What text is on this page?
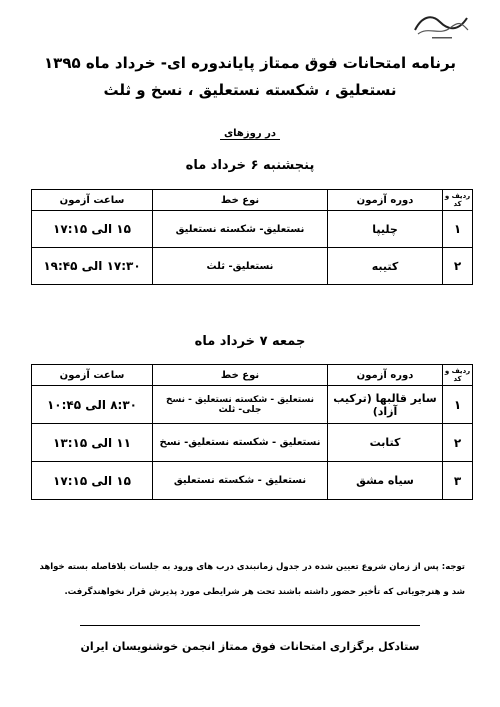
برنامه امتحانات فوق ممتاز پایاندوره ای- خرداد ماه ۱۳۹۵
نستعلیق ، شکسته نستعلیق ، نسخ و ثلث
در روزهای
پنجشنبه ۶ خرداد ماه
ردیف و کد	دوره آزمون	نوع خط	ساعت آزمون
۱	چلیپا	نستعلیق- شکسته نستعلیق	۱۵ الی ۱۷:۱۵
۲	کتیبه	نستعلیق- ثلث	۱۷:۳۰ الی ۱۹:۴۵
جمعه ۷ خرداد ماه
ردیف و کد	دوره آزمون	نوع خط	ساعت آزمون
۱	سایر قالبها (ترکیب آزاد)	نستعلیق - شکسته نستعلیق - نسخ جلی- ثلث	۸:۳۰ الی ۱۰:۴۵
۲	کتابت	نستعلیق - شکسته نستعلیق- نسخ	۱۱ الی ۱۳:۱۵
۳	سیاه مشق	نستعلیق - شکسته نستعلیق	۱۵ الی ۱۷:۱۵
توجه: پس از زمان شروع تعیین شده در جدول زمانبندی درب های ورود به جلسات بلافاصله بسته خواهد
شد و هنرجویانی که تأخیر حضور داشته باشند تحت هر شرایطی مورد پذیرش قرار نخواهندگرفت.
ستادکل برگزاری امتحانات فوق ممتاز انجمن خوشنویسان ایران
